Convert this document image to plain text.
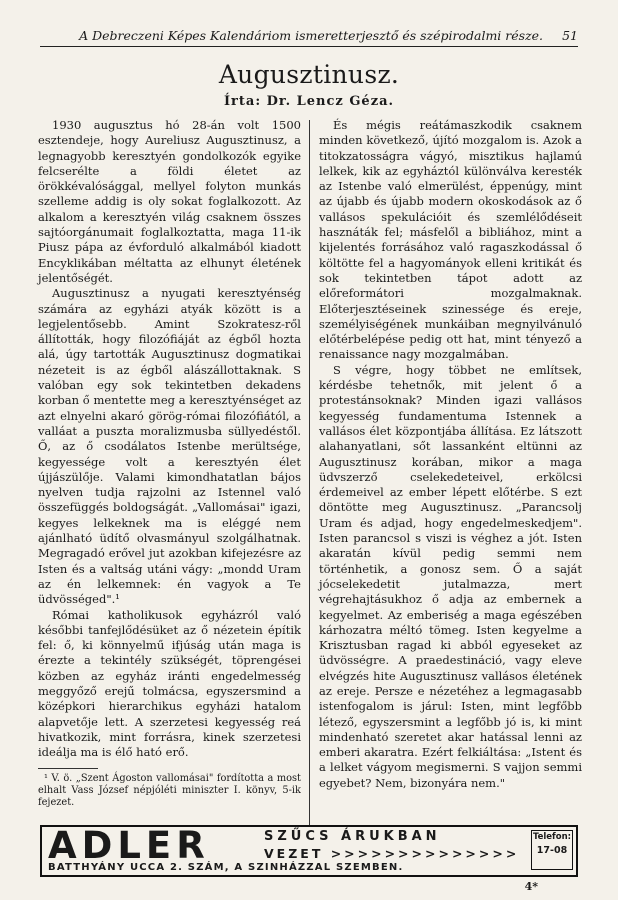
A Debreczeni Képes Kalendáriom ismeretterjesztő és szépirodalmi része.	51
Augusztinusz.
Írta: Dr. Lencz Géza.

1930 augusztus hó 28-án volt 1500 esztendeje, hogy Aureliusz Augusztinusz, a legnagyobb keresztyén gondolkozók egyike felcserélte a földi életet az örökkévalósággal, mellyel folyton munkás szelleme addig is oly sokat foglalkozott. Az alkalom a keresztyén világ csaknem összes sajtóorgánumait foglalkoztatta, maga 11-ik Piusz pápa az évforduló alkalmából kiadott Encyklikában méltatta az elhunyt életének jelentőségét.

Augusztinusz a nyugati keresztyénség számára az egyházi atyák között is a legjelentősebb. Amint Szokratesz-ről állították, hogy filozófiáját az égből hozta alá, úgy tartották Augusztinusz dogmatikai nézeteit is az égből alászállottaknak. S valóban egy sok tekintetben dekadens korban ő mentette meg a keresztyénséget az azt elnyelni akaró görög-római filozófiától, a valláat a puszta moralizmusba süllyedéstől. Ő, az ő csodálatos Istenbe merültsége, kegyessége volt a keresztyén élet újjászülője. Valami kimondhatatlan bájos nyelven tudja rajzolni az Istennel való összefüggés boldogságát. „Vallomásai" igazi, kegyes lelkeknek ma is eléggé nem ajánlható üdítő olvasmányul szolgálhatnak. Megragadó erővel jut azokban kifejezésre az Isten és a valtság utáni vágy: „mondd Uram az én lelkemnek: én vagyok a Te üdvösséged".¹

Római katholikusok egyházról való későbbi tanfejlődésüket az ő nézetein építik fel: ő, ki könnyelmű ifjúság után maga is érezte a tekintély szükségét, töprengései közben az egyház iránti engedelmesség meggyőző erejű tolmácsa, egyszersmind a középkori hierarchikus egyházi hatalom alapvetője lett. A szerzetesi kegyesség reá hivatkozik, mint forrásra, kinek szerzetesi ideálja ma is élő ható erő.

¹ V. ö. „Szent Ágoston vallomásai" fordította a most elhalt Vass József népjóléti miniszter I. könyv, 5-ik fejezet.

És mégis reátámaszkodik csaknem minden következő, újító mozgalom is. Azok a titokzatosságra vágyó, misztikus hajlamú lelkek, kik az egyháztól különválva keresték az Istenbe való elmerülést, éppenúgy, mint az újabb és újabb modern okoskodások az ő vallásos spekulációit és szemlélődéseit hasznáták fel; másfelől a bibliához, mint a kijelentés forrásához való ragaszkodással ő költötte fel a hagyományok elleni kritikát és sok tekintetben tápot adott az előreformátori mozgalmaknak. Előterjesztéseinek szinessége és ereje, személyiségének munkáiban megnyilvánuló előtérbelépése pedig ott hat, mint tényező a renaissance nagy mozgalmában.

S végre, hogy többet ne említsek, kérdésbe tehetnők, mit jelent ő a protestánsoknak? Minden igazi vallásos kegyesség fundamentuma Istennek a vallásos élet központjába állítása. Ez látszott alahanyatlani, sőt lassanként eltünni az Augusztinusz korában, mikor a maga üdvszerző cselekedeteivel, erkölcsi érdemeivel az ember lépett előtérbe. S ezt döntötte meg Augusztinusz. „Parancsolj Uram és adjad, hogy engedelmeskedjem". Isten parancsol s viszi is véghez a jót. Isten akaratán kívül pedig semmi nem történhetik, a gonosz sem. Ő a saját jócselekedetit jutalmazza, mert végrehajtásukhoz ő adja az embernek a kegyelmet. Az emberiség a maga egészében kárhozatra méltó tömeg. Isten kegyelme a Krisztusban ragad ki abból egyeseket az üdvösségre. A praedestináció, vagy eleve elvégzés hite Augusztinusz vallásos életének az ereje. Persze e nézetéhez a legmagasabb istenfogalom is járul: Isten, mint legfőbb létező, egyszersmint a legfőbb jó is, ki mint mindenható szeretet akar hatással lenni az emberi akaratra. Ezért felkiáltása: „Istent és a lelket vágyom megismerni. S vajjon semmi egyebet? Nem, bizonyára nem."

ADLER	SZŰCS ÁRUKBAN
VEZET >>>>>>>>>>>>>>
BATTHYÁNY UCCA 2. SZÁM, A SZINHÁZZAL SZEMBEN.
Telefon:
17-08
4*
